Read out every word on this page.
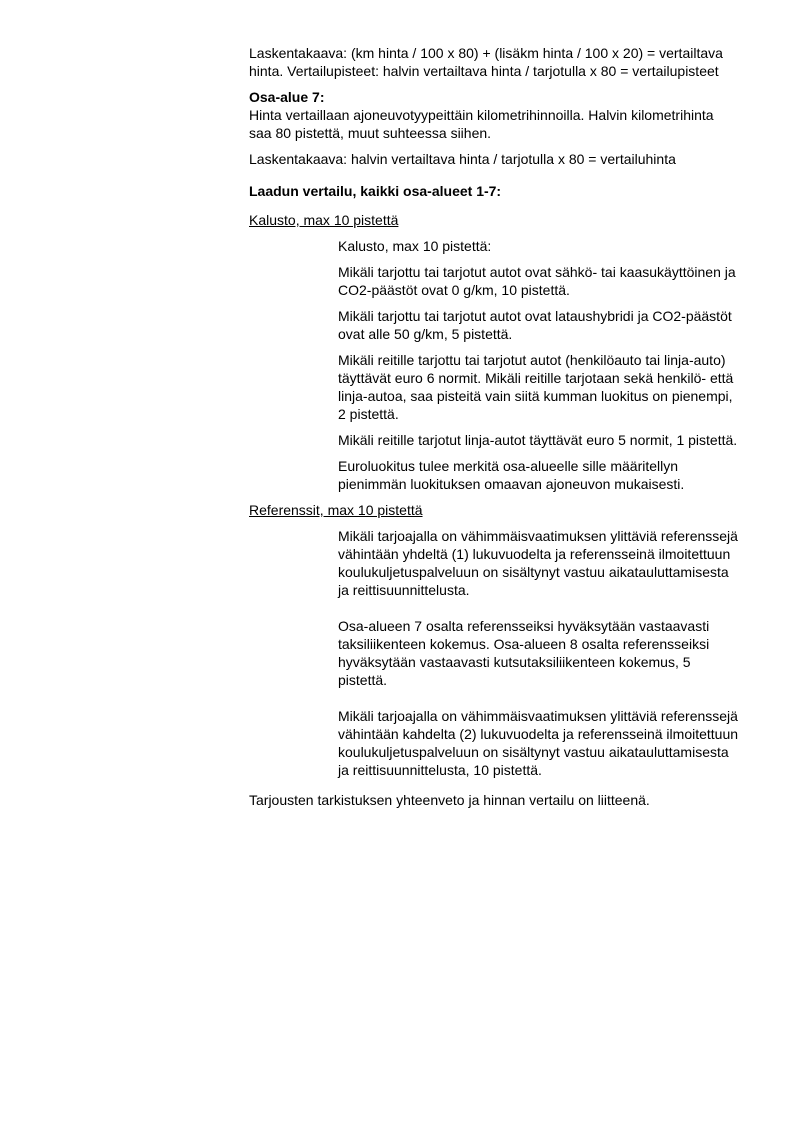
Laskentakaava: (km hinta / 100 x 80) + (lisäkm hinta / 100 x 20) = vertailtava hinta. Vertailupisteet: halvin vertailtava hinta / tarjotulla x 80 = vertailupisteet

Osa-alue 7:

Hinta vertaillaan ajoneuvotyypeittäin kilometrihinnoilla. Halvin kilometrihinta saa 80 pistettä, muut suhteessa siihen.

Laskentakaava: halvin vertailtava hinta / tarjotulla x 80 = vertailuhinta

Laadun vertailu, kaikki osa-alueet 1-7:

Kalusto, max 10 pistettä

Kalusto, max 10 pistettä:

Mikäli tarjottu tai tarjotut autot ovat sähkö- tai kaasukäyttöinen ja CO2-päästöt ovat 0 g/km, 10 pistettä.

Mikäli tarjottu tai tarjotut autot ovat lataushybridi ja CO2-päästöt ovat alle 50 g/km, 5 pistettä.

Mikäli reitille tarjottu tai tarjotut autot (henkilöauto tai linja-auto) täyttävät euro 6 normit. Mikäli reitille tarjotaan sekä henkilö- että linja-autoa, saa pisteitä vain siitä kumman luokitus on pienempi, 2 pistettä.

Mikäli reitille tarjotut linja-autot täyttävät euro 5 normit, 1 pistettä.

Euroluokitus tulee merkitä osa-alueelle sille määritellyn pienimmän luokituksen omaavan ajoneuvon mukaisesti.

Referenssit, max 10 pistettä

Mikäli tarjoajalla on vähimmäisvaatimuksen ylittäviä referenssejä vähintään yhdeltä (1) lukuvuodelta ja referensseinä ilmoitettuun koulukuljetuspalveluun on sisältynyt vastuu aikatauluttamisesta ja reittisuunnittelusta.

Osa-alueen 7 osalta referensseiksi hyväksytään vastaavasti taksiliikenteen kokemus. Osa-alueen 8 osalta referensseiksi hyväksytään vastaavasti kutsutaksiliikenteen kokemus, 5 pistettä.

Mikäli tarjoajalla on vähimmäisvaatimuksen ylittäviä referenssejä vähintään kahdelta (2) lukuvuodelta ja referensseinä ilmoitettuun koulukuljetuspalveluun on sisältynyt vastuu aikatauluttamisesta ja reittisuunnittelusta, 10 pistettä.

Tarjousten tarkistuksen yhteenveto ja hinnan vertailu on liitteenä.
